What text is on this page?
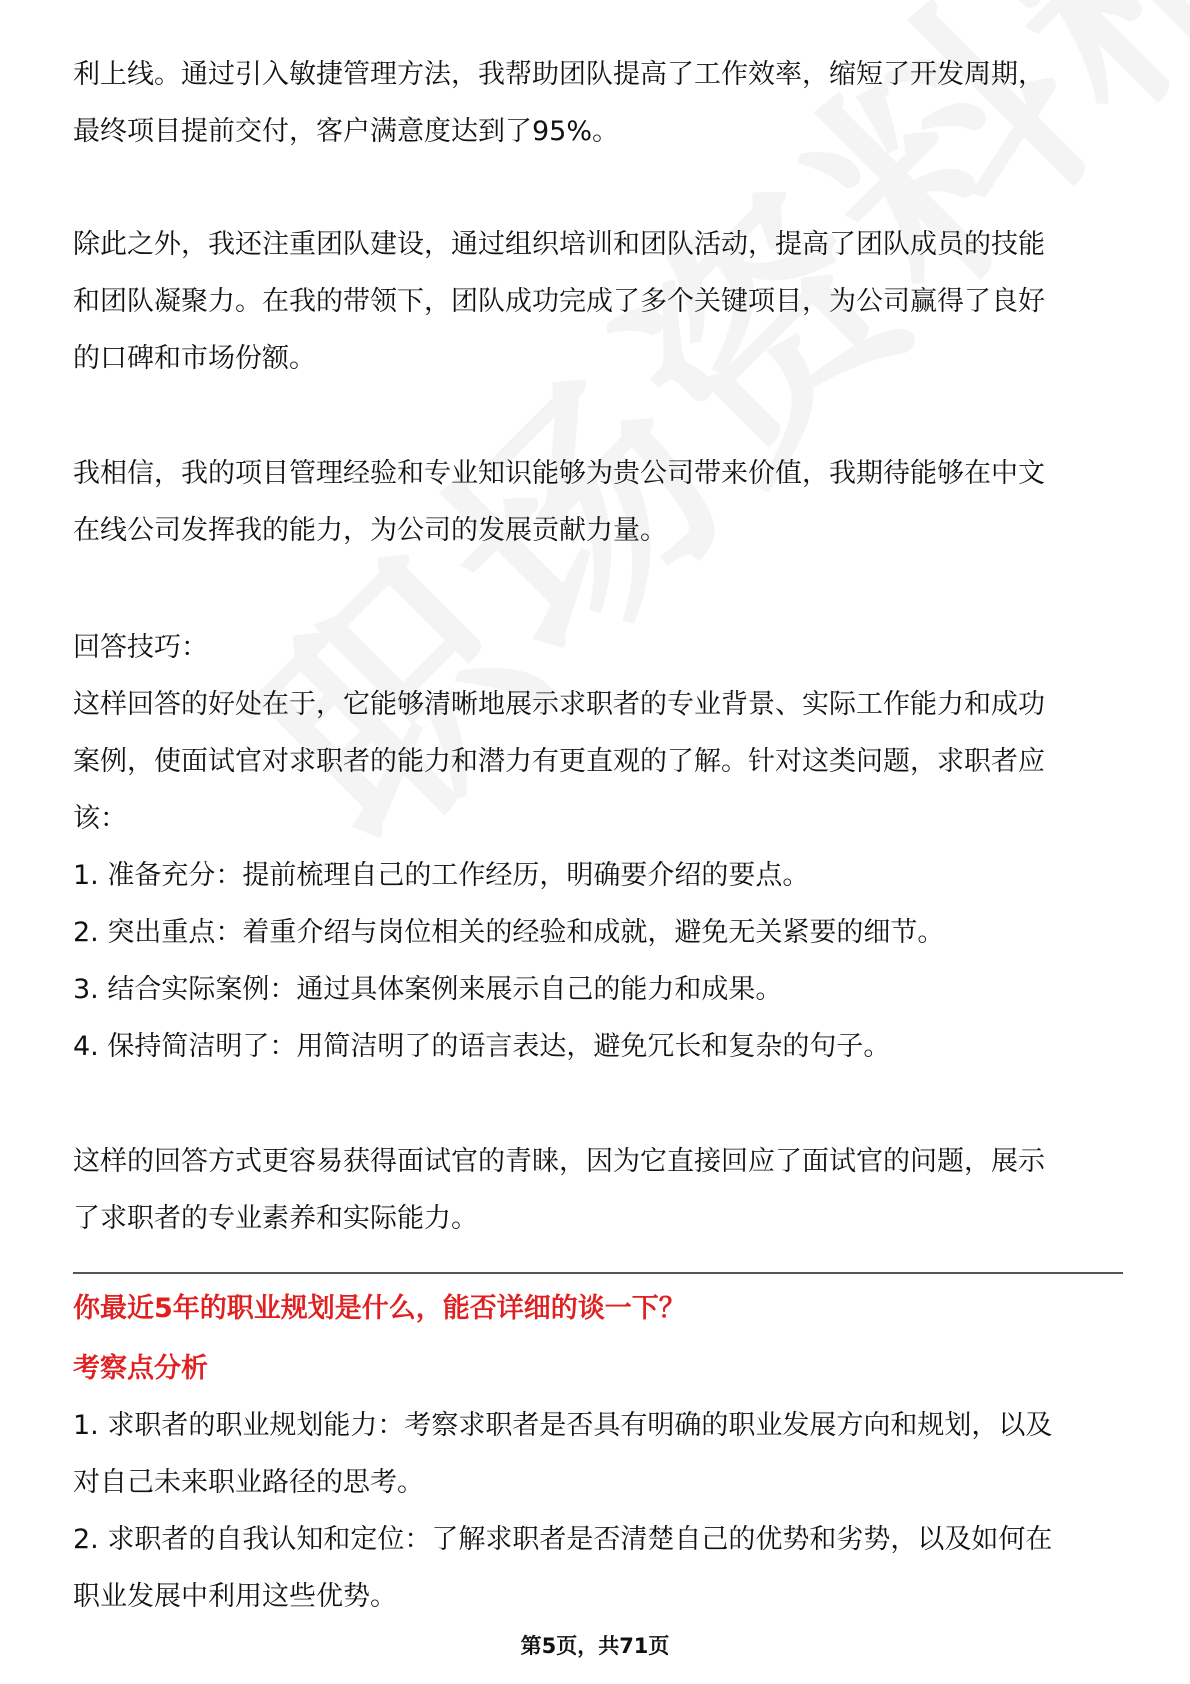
利上线。通过引入敏捷管理方法，我帮助团队提高了工作效率，缩短了开发周期，
最终项目提前交付，客户满意度达到了95%。

除此之外，我还注重团队建设，通过组织培训和团队活动，提高了团队成员的技能
和团队凝聚力。在我的带领下，团队成功完成了多个关键项目，为公司赢得了良好
的口碑和市场份额。

我相信，我的项目管理经验和专业知识能够为贵公司带来价值，我期待能够在中文
在线公司发挥我的能力，为公司的发展贡献力量。

回答技巧：

这样回答的好处在于，它能够清晰地展示求职者的专业背景、实际工作能力和成功
案例，使面试官对求职者的能力和潜力有更直观的了解。针对这类问题，求职者应
该：

1. 准备充分：提前梳理自己的工作经历，明确要介绍的要点。

2. 突出重点：着重介绍与岗位相关的经验和成就，避免无关紧要的细节。

3. 结合实际案例：通过具体案例来展示自己的能力和成果。

4. 保持简洁明了：用简洁明了的语言表达，避免冗长和复杂的句子。

这样的回答方式更容易获得面试官的青睐，因为它直接回应了面试官的问题，展示
了求职者的专业素养和实际能力。

你最近5年的职业规划是什么，能否详细的谈一下？
考察点分析

1. 求职者的职业规划能力：考察求职者是否具有明确的职业发展方向和规划，以及
对自己未来职业路径的思考。

2. 求职者的自我认知和定位：了解求职者是否清楚自己的优势和劣势，以及如何在
职业发展中利用这些优势。

第5页，共71页
